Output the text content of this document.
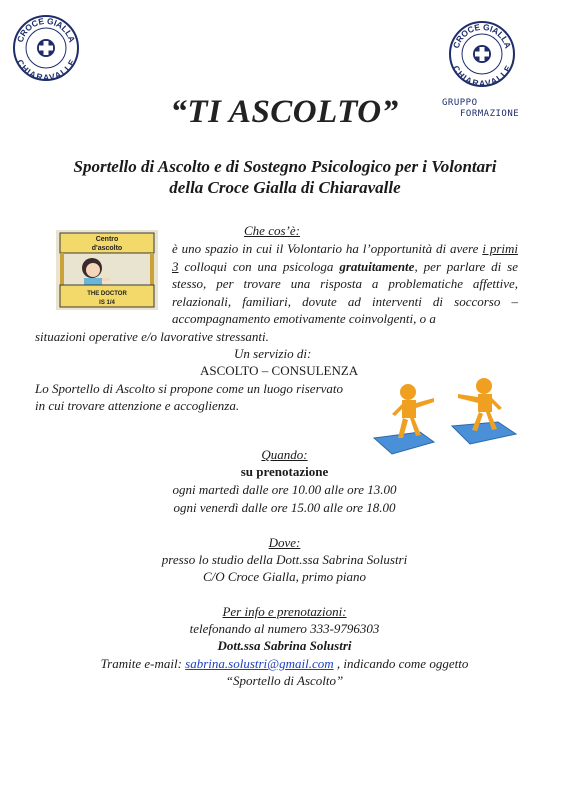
CROCE GIALLA
CHIARAVALLE
CROCE GIALLA
CHIARAVALLE
GRUPPO
FORMAZIONE
“TI ASCOLTO”
Sportello di Ascolto e di Sostegno Psicologico per i Volontari
della Croce Gialla di Chiaravalle
Centro
d'ascolto
THE DOCTOR
IS 1/4
Che cos’è:
è uno spazio in cui il Volontario ha l’opportunità di avere i primi 3 colloqui con una psicologa gratuitamente, per parlare di se stesso, per trovare una risposta a problematiche affettive, relazionali, familiari, dovute ad interventi di soccorso – accompagnamento emotivamente coinvolgenti, o a
situazioni operative e/o lavorative stressanti.
Un servizio di:
ASCOLTO – CONSULENZA
Lo Sportello di Ascolto si propone come un luogo riservato
in cui trovare attenzione e accoglienza.
Quando:
su prenotazione
ogni martedì dalle ore 10.00 alle ore 13.00
ogni venerdì dalle ore 15.00 alle ore 18.00
Dove:
presso lo studio della Dott.ssa Sabrina Solustri
C/O Croce Gialla, primo piano
Per info e prenotazioni:
telefonando al numero 333-9796303
Dott.ssa Sabrina Solustri
Tramite e-mail: sabrina.solustri@gmail.com , indicando come oggetto
“Sportello di Ascolto”
